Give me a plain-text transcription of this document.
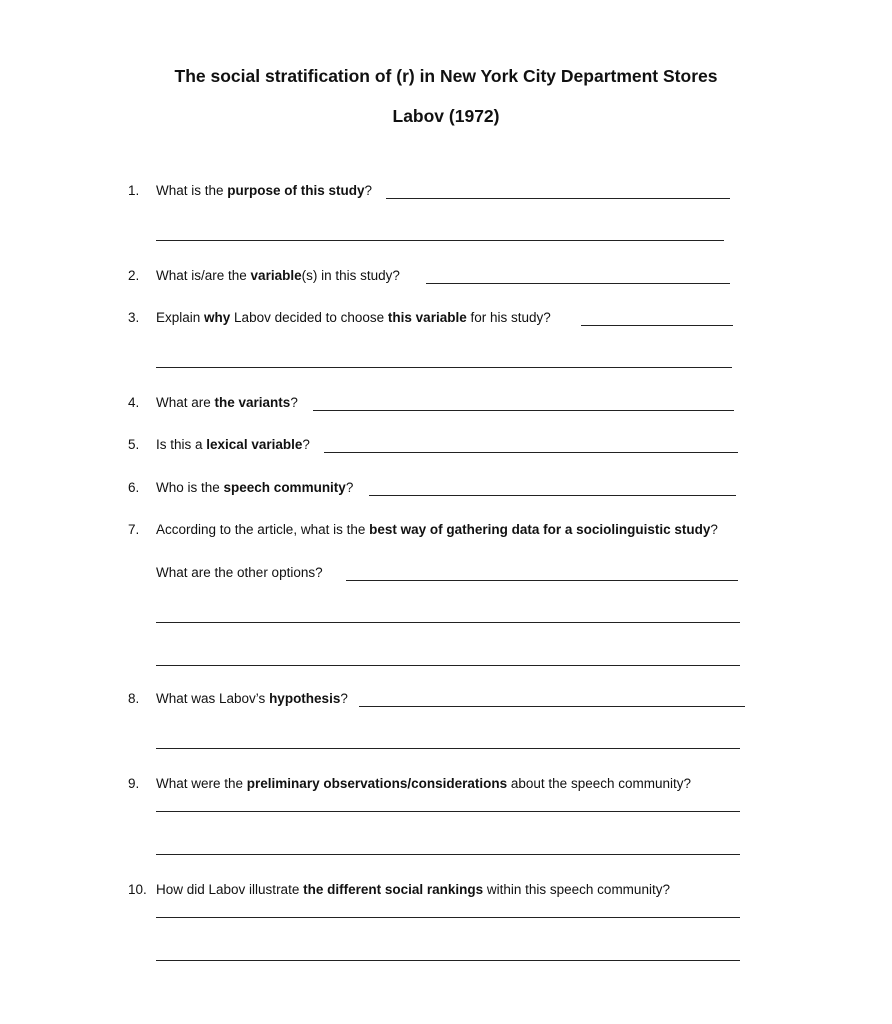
The social stratification of (r) in New York City Department Stores
Labov (1972)
1. What is the purpose of this study?
2. What is/are the variable(s) in this study?
3. Explain why Labov decided to choose this variable for his study?
4. What are the variants?
5. Is this a lexical variable?
6. Who is the speech community?
7. According to the article, what is the best way of gathering data for a sociolinguistic study?
What are the other options?
8. What was Labov’s hypothesis?
9. What were the preliminary observations/considerations about the speech community?
10. How did Labov illustrate the different social rankings within this speech community?
